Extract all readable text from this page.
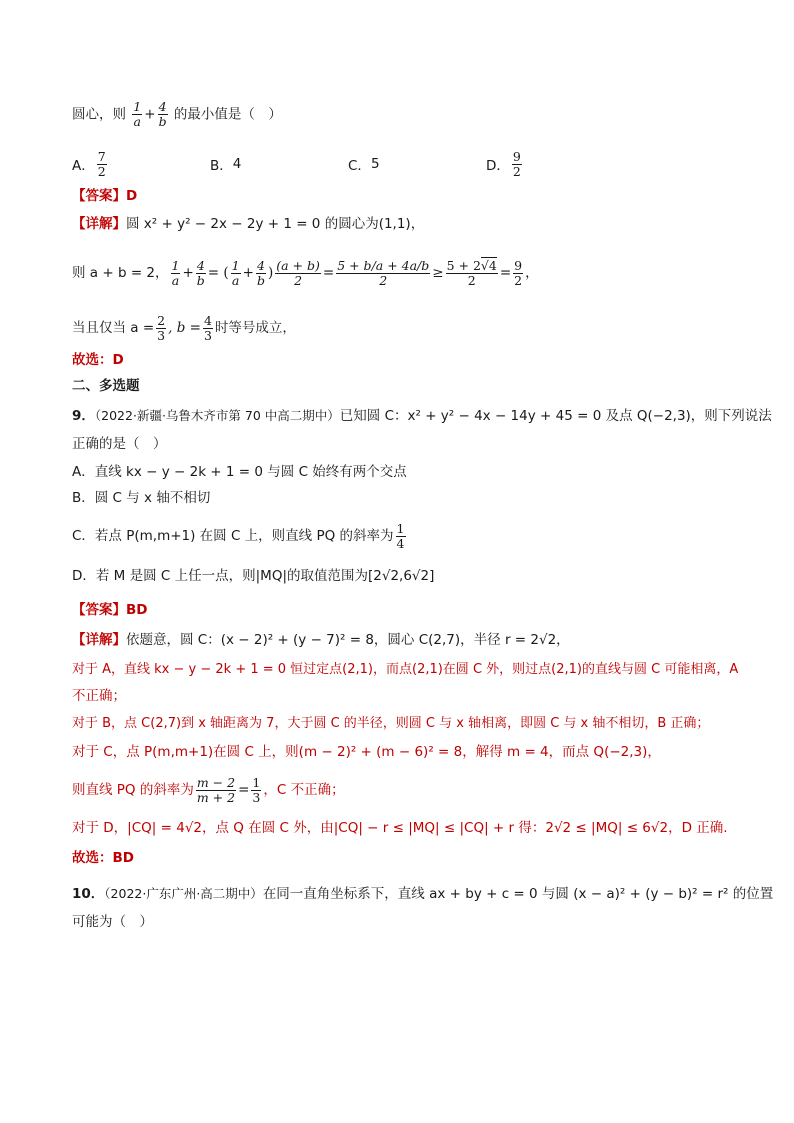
圆心，则 $\frac{1}{a} + \frac{4}{b}$ 的最小值是（　）
A． $\frac{7}{2}$	B． 4	C． 5	D． $\frac{9}{2}$
【答案】D
【详解】圆 x² + y² − 2x − 2y + 1 = 0 的圆心为(1,1)，
则 a + b = 2， $\frac{1}{a} + \frac{4}{b}$ = ( $\frac{1}{a} + \frac{4}{b}$ ) $\frac{(a + b)}{2} = \frac{5 + b/a + 4a/b}{2} \ge \frac{5 + 2√4}{2} = \frac{9}{2}$ ，
当且仅当 $a = \frac{2}{3}$ , $b = \frac{4}{3}$ 时等号成立，
故选：D
二、多选题
9．（2022·新疆·乌鲁木齐市第 70 中高二期中）已知圆 C：x² + y² − 4x − 14y + 45 = 0 及点 Q(−2,3)，则下列说法
正确的是（　）
A．直线 kx − y − 2k + 1 = 0 与圆 C 始终有两个交点
B．圆 C 与 x 轴不相切
C．若点 P(m,m+1) 在圆 C 上，则直线 PQ 的斜率为 $\frac{1}{4}$
D．若 M 是圆 C 上任一点，则|MQ|的取值范围为[2√2,6√2]
【答案】BD
【详解】依题意，圆 C：(x − 2)² + (y − 7)² = 8，圆心 C(2,7)，半径 r = 2√2，
对于 A，直线 kx − y − 2k + 1 = 0 恒过定点(2,1)，而点(2,1)在圆 C 外，则过点(2,1)的直线与圆 C 可能相离，A
不正确；
对于 B，点 C(2,7)到 x 轴距离为 7，大于圆 C 的半径，则圆 C 与 x 轴相离，即圆 C 与 x 轴不相切，B 正确；
对于 C，点 P(m,m+1)在圆 C 上，则(m − 2)² + (m − 6)² = 8，解得 m = 4，而点 Q(−2,3)，
则直线 PQ 的斜率为 $\frac{m - 2}{m + 2} = \frac{1}{3}$ ，C 不正确；
对于 D，|CQ| = 4√2，点 Q 在圆 C 外，由|CQ| − r ≤ |MQ| ≤ |CQ| + r 得：2√2 ≤ |MQ| ≤ 6√2，D 正确.
故选：BD
10．（2022·广东广州·高二期中）在同一直角坐标系下，直线 ax + by + c = 0 与圆 (x − a)² + (y − b)² = r² 的位置
可能为（　）
